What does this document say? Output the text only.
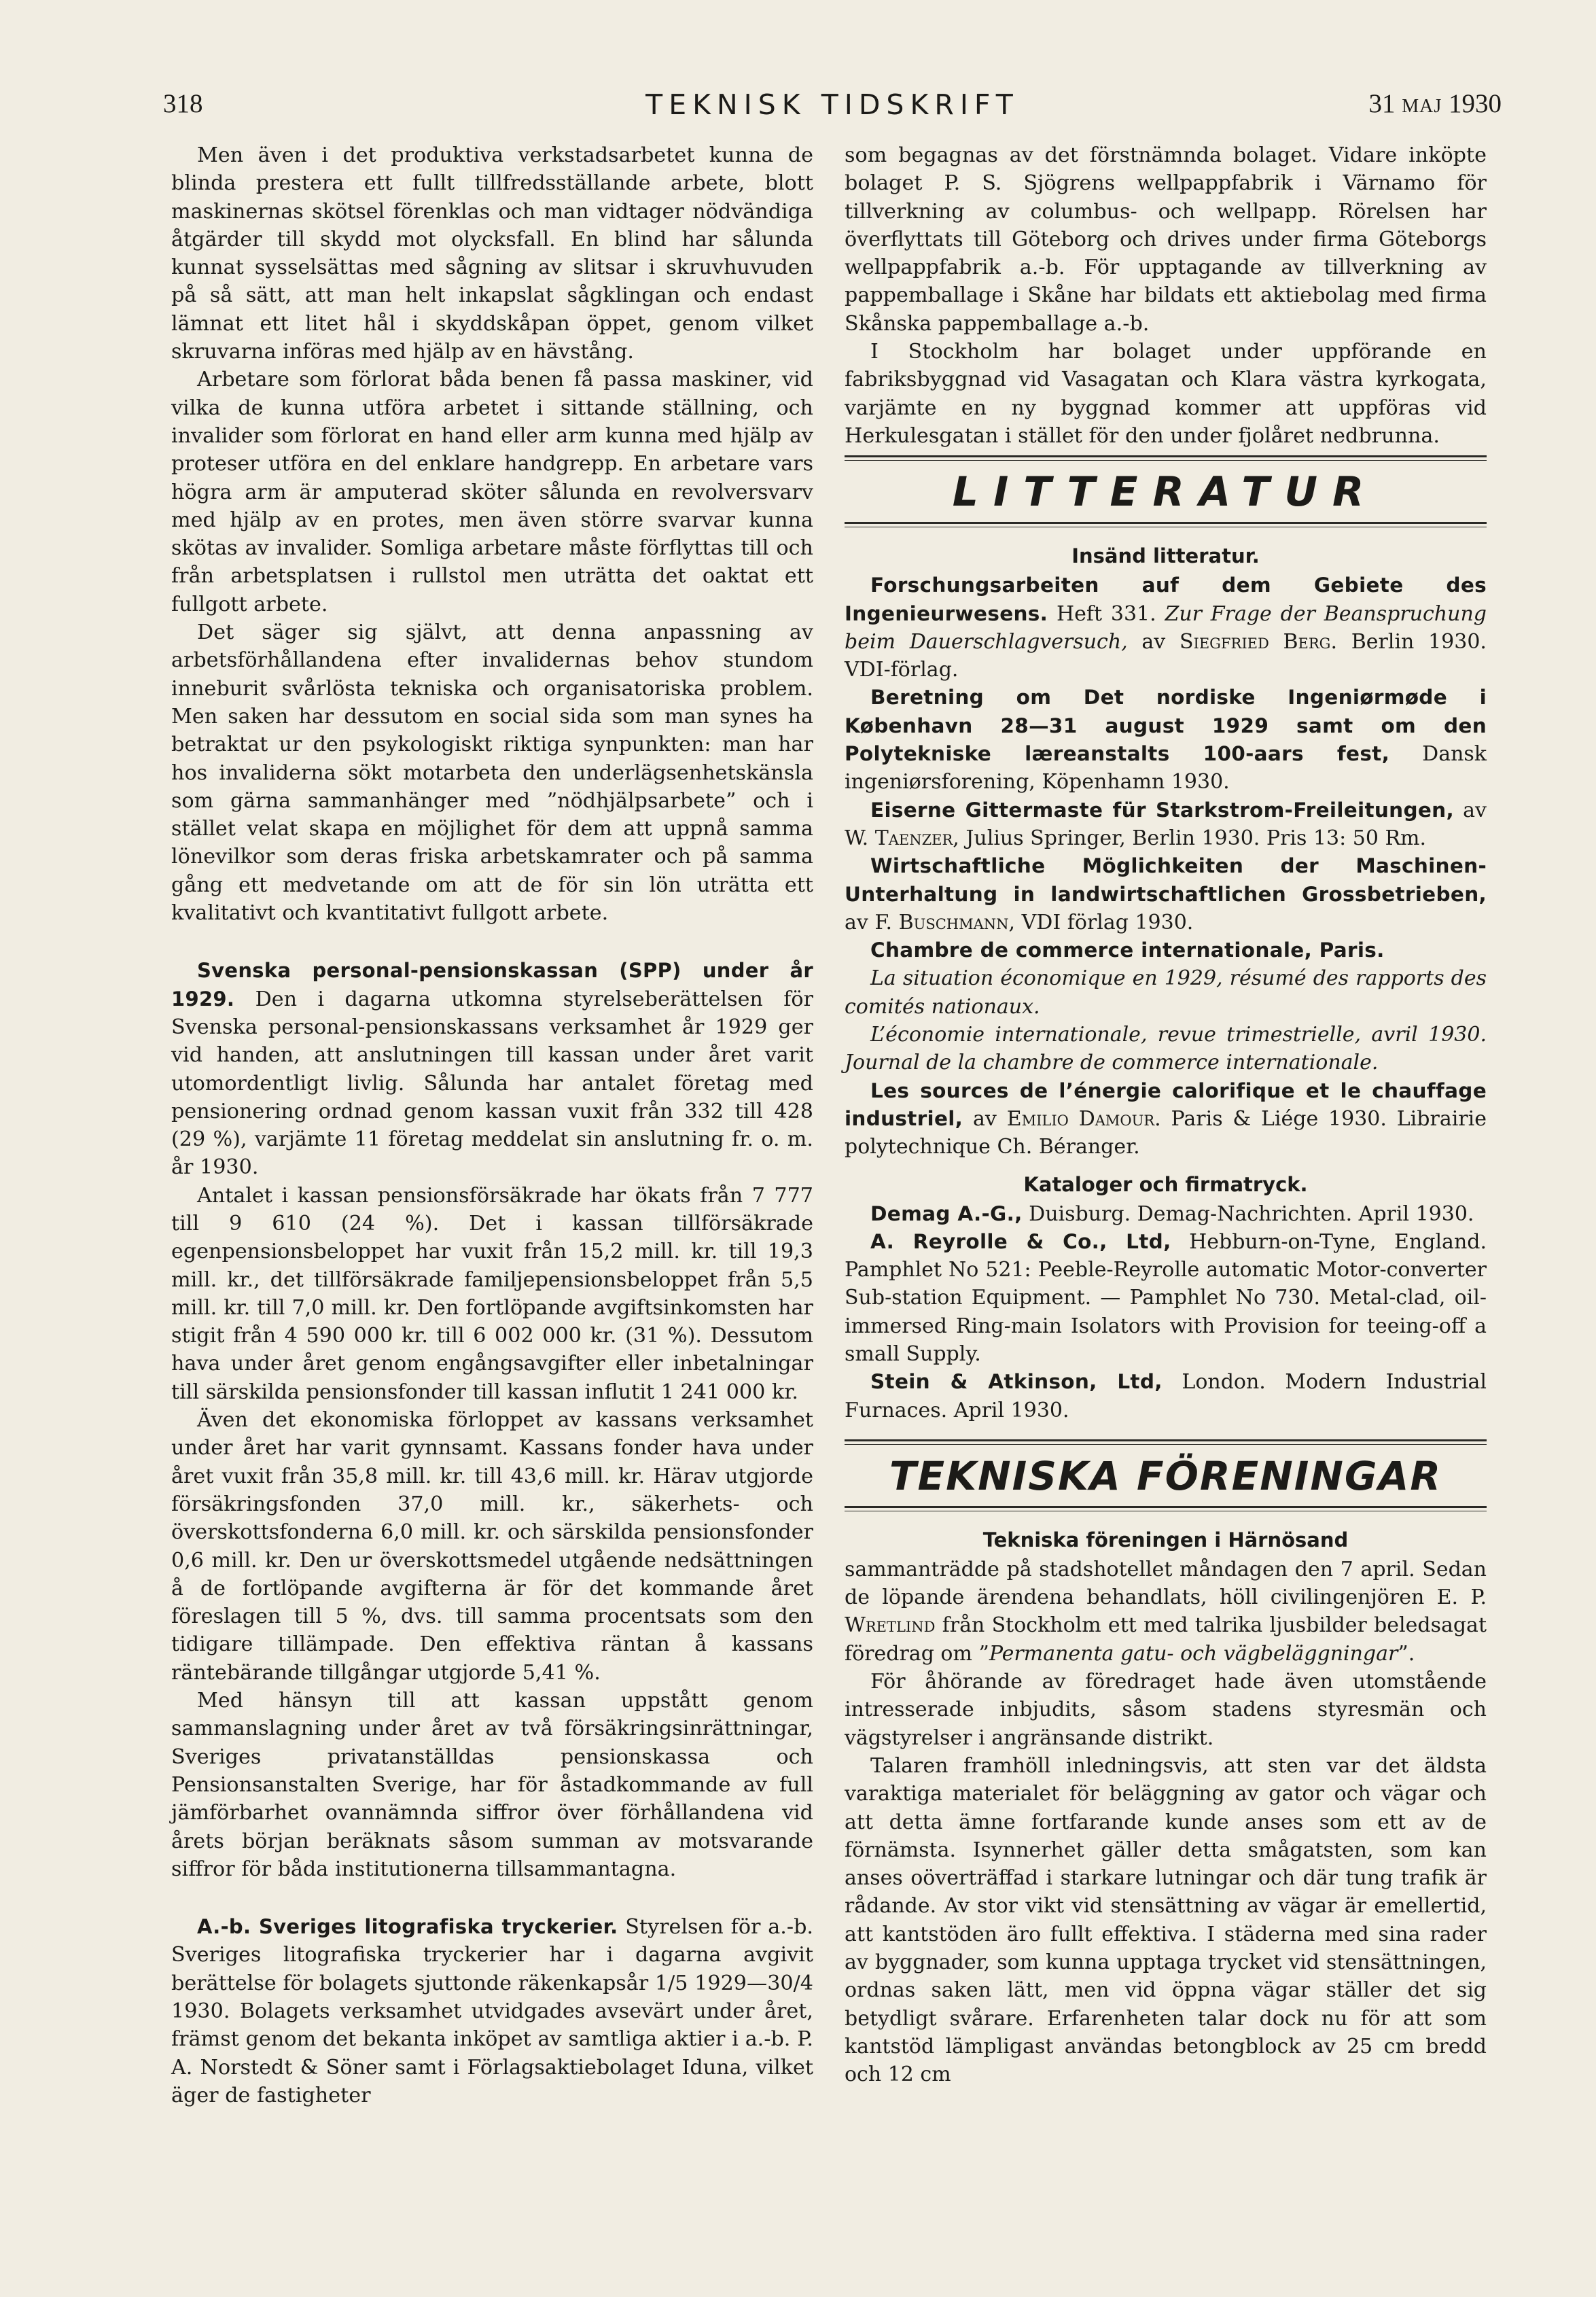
318	TEKNISK TIDSKRIFT	31 MAJ 1930

Men även i det produktiva verkstadsarbetet kunna de blinda prestera ett fullt tillfredsställande arbete, blott maskinernas skötsel förenklas och man vidtager nödvändiga åtgärder till skydd mot olycksfall. En blind har sålunda kunnat sysselsättas med sågning av slitsar i skruvhuvuden på så sätt, att man helt inkapslat sågklingan och endast lämnat ett litet hål i skyddskåpan öppet, genom vilket skruvarna införas med hjälp av en hävstång.

Arbetare som förlorat båda benen få passa maskiner, vid vilka de kunna utföra arbetet i sittande ställning, och invalider som förlorat en hand eller arm kunna med hjälp av proteser utföra en del enklare handgrepp. En arbetare vars högra arm är amputerad sköter sålunda en revolversvarv med hjälp av en protes, men även större svarvar kunna skötas av invalider. Somliga arbetare måste förflyttas till och från arbetsplatsen i rullstol men uträtta det oaktat ett fullgott arbete.

Det säger sig självt, att denna anpassning av arbetsförhållandena efter invalidernas behov stundom inneburit svårlösta tekniska och organisatoriska problem. Men saken har dessutom en social sida som man synes ha betraktat ur den psykologiskt riktiga synpunkten: man har hos invaliderna sökt motarbeta den underlägsenhetskänsla som gärna sammanhänger med ”nödhjälpsarbete” och i stället velat skapa en möjlighet för dem att uppnå samma lönevilkor som deras friska arbetskamrater och på samma gång ett medvetande om att de för sin lön uträtta ett kvalitativt och kvantitativt fullgott arbete.

Svenska personal-pensionskassan (SPP) under år 1929. Den i dagarna utkomna styrelseberättelsen för Svenska personal-pensionskassans verksamhet år 1929 ger vid handen, att anslutningen till kassan under året varit utomordentligt livlig. Sålunda har antalet företag med pensionering ordnad genom kassan vuxit från 332 till 428 (29 %), varjämte 11 företag meddelat sin anslutning fr. o. m. år 1930.

Antalet i kassan pensionsförsäkrade har ökats från 7 777 till 9 610 (24 %). Det i kassan tillförsäkrade egenpensionsbeloppet har vuxit från 15,2 mill. kr. till 19,3 mill. kr., det tillförsäkrade familjepensionsbeloppet från 5,5 mill. kr. till 7,0 mill. kr. Den fortlöpande avgiftsinkomsten har stigit från 4 590 000 kr. till 6 002 000 kr. (31 %). Dessutom hava under året genom engångsavgifter eller inbetalningar till särskilda pensionsfonder till kassan influtit 1 241 000 kr.

Även det ekonomiska förloppet av kassans verksamhet under året har varit gynnsamt. Kassans fonder hava under året vuxit från 35,8 mill. kr. till 43,6 mill. kr. Härav utgjorde försäkringsfonden 37,0 mill. kr., säkerhets- och överskottsfonderna 6,0 mill. kr. och särskilda pensionsfonder 0,6 mill. kr. Den ur överskottsmedel utgående nedsättningen å de fortlöpande avgifterna är för det kommande året föreslagen till 5 %, dvs. till samma procentsats som den tidigare tillämpade. Den effektiva räntan å kassans räntebärande tillgångar utgjorde 5,41 %.

Med hänsyn till att kassan uppstått genom sammanslagning under året av två försäkringsinrättningar, Sveriges privatanställdas pensionskassa och Pensionsanstalten Sverige, har för åstadkommande av full jämförbarhet ovannämnda siffror över förhållandena vid årets början beräknats såsom summan av motsvarande siffror för båda institutionerna tillsammantagna.

A.-b. Sveriges litografiska tryckerier. Styrelsen för a.-b. Sveriges litografiska tryckerier har i dagarna avgivit berättelse för bolagets sjuttonde räkenkapsår 1/5 1929—30/4 1930. Bolagets verksamhet utvidgades avsevärt under året, främst genom det bekanta inköpet av samtliga aktier i a.-b. P. A. Norstedt & Söner samt i Förlagsaktiebolaget Iduna, vilket äger de fastigheter

som begagnas av det förstnämnda bolaget. Vidare inköpte bolaget P. S. Sjögrens wellpappfabrik i Värnamo för tillverkning av columbus- och wellpapp. Rörelsen har överflyttats till Göteborg och drives under firma Göteborgs wellpappfabrik a.-b. För upptagande av tillverkning av pappemballage i Skåne har bildats ett aktiebolag med firma Skånska pappemballage a.-b.

I Stockholm har bolaget under uppförande en fabriksbyggnad vid Vasagatan och Klara västra kyrkogata, varjämte en ny byggnad kommer att uppföras vid Herkulesgatan i stället för den under fjolåret nedbrunna.

LITTERATUR
Insänd litteratur.

Forschungsarbeiten auf dem Gebiete des Ingenieurwesens. Heft 331. Zur Frage der Beanspruchung beim Dauerschlagversuch, av Siegfried Berg. Berlin 1930. VDI-förlag.

Beretning om Det nordiske Ingeniørmøde i København 28—31 august 1929 samt om den Polytekniske læreanstalts 100-aars fest, Dansk ingeniørsforening, Köpenhamn 1930.

Eiserne Gittermaste für Starkstrom-Freileitungen, av W. Taenzer, Julius Springer, Berlin 1930. Pris 13: 50 Rm.

Wirtschaftliche Möglichkeiten der Maschinen-Unterhaltung in landwirtschaftlichen Grossbetrieben, av F. Buschmann, VDI förlag 1930.

Chambre de commerce internationale, Paris.

La situation économique en 1929, résumé des rapports des comités nationaux.

L’économie internationale, revue trimestrielle, avril 1930. Journal de la chambre de commerce internationale.

Les sources de l’énergie calorifique et le chauffage industriel, av Emilio Damour. Paris & Liége 1930. Librairie polytechnique Ch. Béranger.

Kataloger och firmatryck.

Demag A.-G., Duisburg. Demag-Nachrichten. April 1930.

A. Reyrolle & Co., Ltd, Hebburn-on-Tyne, England. Pamphlet No 521: Peeble-Reyrolle automatic Motor-converter Sub-station Equipment. — Pamphlet No 730. Metal-clad, oil-immersed Ring-main Isolators with Provision for teeing-off a small Supply.

Stein & Atkinson, Ltd, London. Modern Industrial Furnaces. April 1930.

TEKNISKA FÖRENINGAR
Tekniska föreningen i Härnösand

sammanträdde på stadshotellet måndagen den 7 april. Sedan de löpande ärendena behandlats, höll civilingenjören E. P. Wretlind från Stockholm ett med talrika ljusbilder beledsagat föredrag om ”Permanenta gatu- och vägbeläggningar”.

För åhörande av föredraget hade även utomstående intresserade inbjudits, såsom stadens styresmän och vägstyrelser i angränsande distrikt.

Talaren framhöll inledningsvis, att sten var det äldsta varaktiga materialet för beläggning av gator och vägar och att detta ämne fortfarande kunde anses som ett av de förnämsta. Isynnerhet gäller detta smågatsten, som kan anses oöverträffad i starkare lutningar och där tung trafik är rådande. Av stor vikt vid stensättning av vägar är emellertid, att kantstöden äro fullt effektiva. I städerna med sina rader av byggnader, som kunna upptaga trycket vid stensättningen, ordnas saken lätt, men vid öppna vägar ställer det sig betydligt svårare. Erfarenheten talar dock nu för att som kantstöd lämpligast användas betongblock av 25 cm bredd och 12 cm
